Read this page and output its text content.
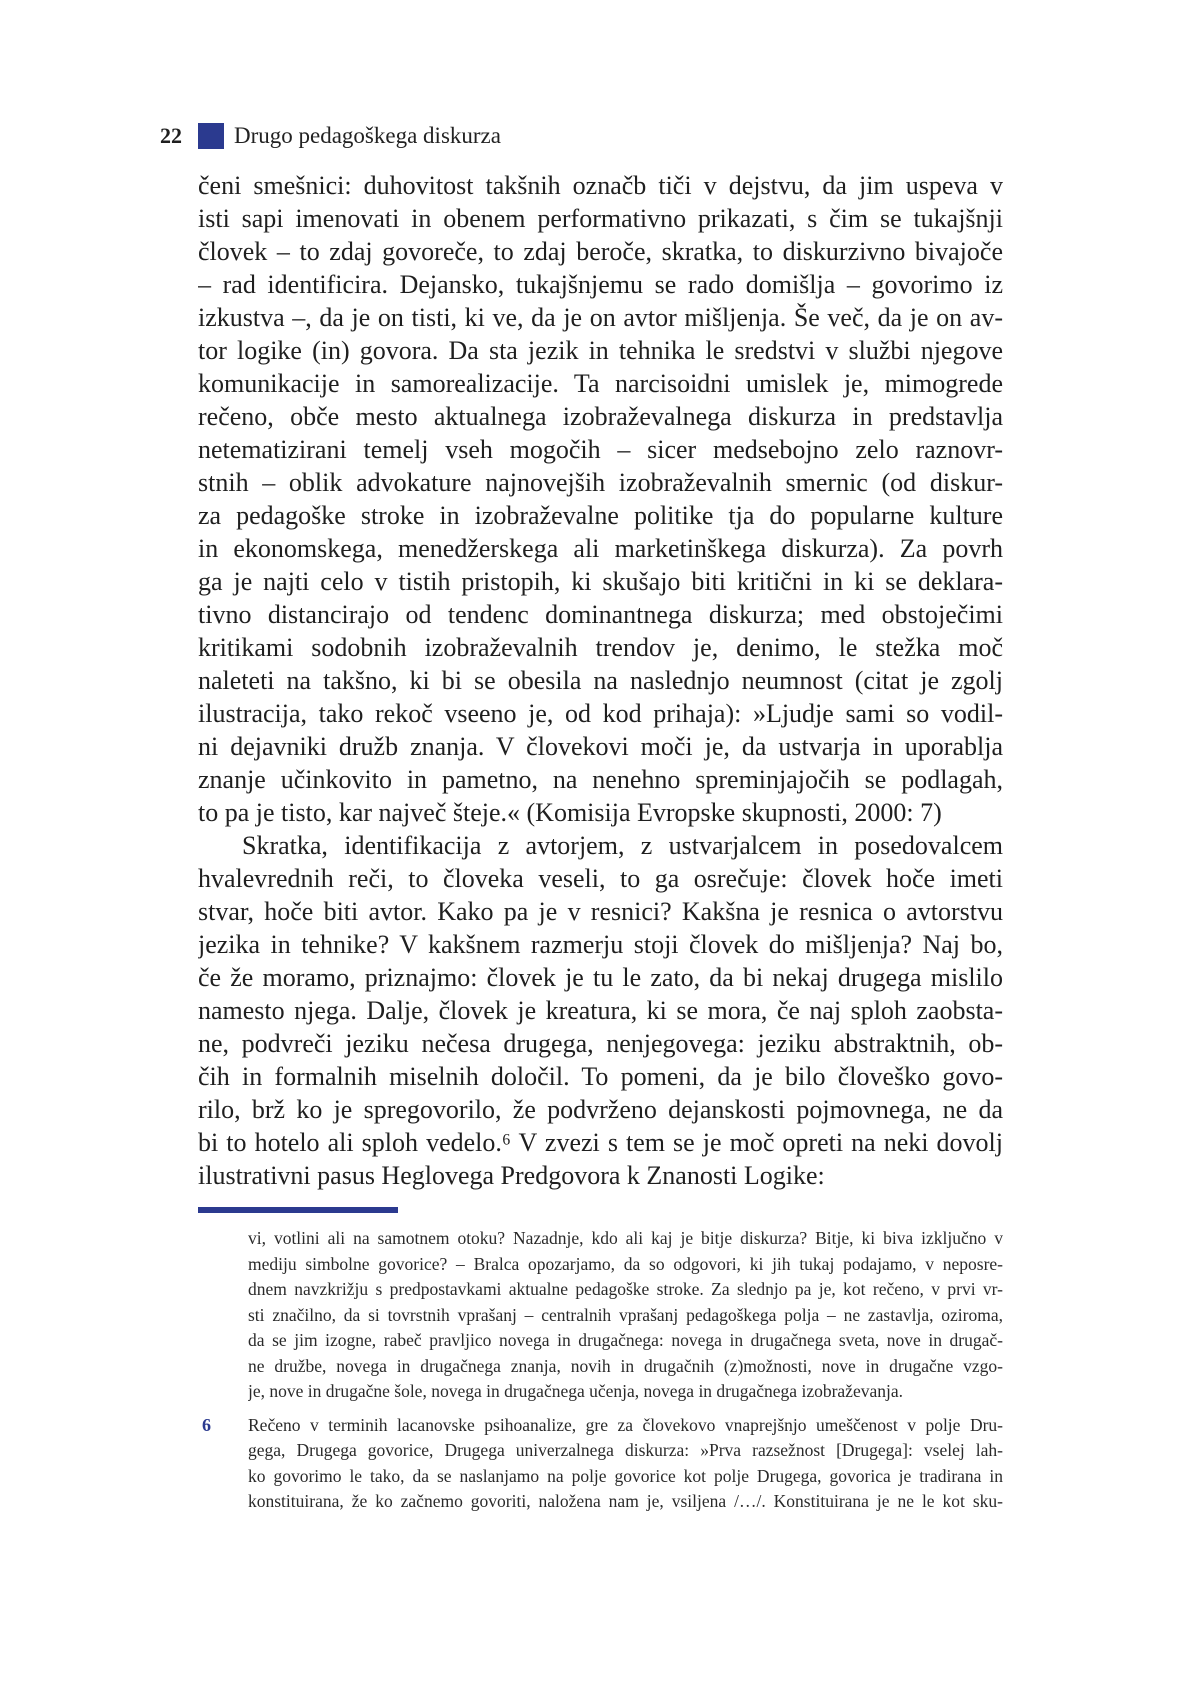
22	Drugo pedagoškega diskurza
čeni smešnici: duhovitost takšnih označb tiči v dejstvu, da jim uspeva v
isti sapi imenovati in obenem performativno prikazati, s čim se tukajšnji
človek – to zdaj govoreče, to zdaj beroče, skratka, to diskurzivno bivajoče
– rad identificira. Dejansko, tukajšnjemu se rado domišlja – govorimo iz
izkustva –, da je on tisti, ki ve, da je on avtor mišljenja. Še več, da je on av-
tor logike (in) govora. Da sta jezik in tehnika le sredstvi v službi njegove
komunikacije in samorealizacije. Ta narcisoidni umislek je, mimogrede
rečeno, obče mesto aktualnega izobraževalnega diskurza in predstavlja
netematizirani temelj vseh mogočih – sicer medsebojno zelo raznovr-
stnih – oblik advokature najnovejših izobraževalnih smernic (od diskur-
za pedagoške stroke in izobraževalne politike tja do popularne kulture
in ekonomskega, menedžerskega ali marketinškega diskurza). Za povrh
ga je najti celo v tistih pristopih, ki skušajo biti kritični in ki se deklara-
tivno distancirajo od tendenc dominantnega diskurza; med obstoječimi
kritikami sodobnih izobraževalnih trendov je, denimo, le stežka moč
naleteti na takšno, ki bi se obesila na naslednjo neumnost (citat je zgolj
ilustracija, tako rekoč vseeno je, od kod prihaja): »Ljudje sami so vodil-
ni dejavniki družb znanja. V človekovi moči je, da ustvarja in uporablja
znanje učinkovito in pametno, na nenehno spreminjajočih se podlagah,
to pa je tisto, kar največ šteje.« (Komisija Evropske skupnosti, 2000: 7)
Skratka, identifikacija z avtorjem, z ustvarjalcem in posedovalcem
hvalevrednih reči, to človeka veseli, to ga osrečuje: človek hoče imeti
stvar, hoče biti avtor. Kako pa je v resnici? Kakšna je resnica o avtorstvu
jezika in tehnike? V kakšnem razmerju stoji človek do mišljenja? Naj bo,
če že moramo, priznajmo: človek je tu le zato, da bi nekaj drugega mislilo
namesto njega. Dalje, človek je kreatura, ki se mora, če naj sploh zaobsta-
ne, podvreči jeziku nečesa drugega, nenjegovega: jeziku abstraktnih, ob-
čih in formalnih miselnih določil. To pomeni, da je bilo človeško govo-
rilo, brž ko je spregovorilo, že podvrženo dejanskosti pojmovnega, ne da
bi to hotelo ali sploh vedelo.⁶ V zvezi s tem se je moč opreti na neki dovolj
ilustrativni pasus Heglovega Predgovora k Znanosti Logike:
vi, votlini ali na samotnem otoku? Nazadnje, kdo ali kaj je bitje diskurza? Bitje, ki biva izključno v
mediju simbolne govorice? – Bralca opozarjamo, da so odgovori, ki jih tukaj podajamo, v neposre-
dnem navzkrižju s predpostavkami aktualne pedagoške stroke. Za slednjo pa je, kot rečeno, v prvi vr-
sti značilno, da si tovrstnih vprašanj – centralnih vprašanj pedagoškega polja – ne zastavlja, oziroma,
da se jim izogne, rabeč pravljico novega in drugačnega: novega in drugačnega sveta, nove in drugač-
ne družbe, novega in drugačnega znanja, novih in drugačnih (z)možnosti, nove in drugačne vzgo-
je, nove in drugačne šole, novega in drugačnega učenja, novega in drugačnega izobraževanja.
6 Rečeno v terminih lacanovske psihoanalize, gre za človekovo vnaprejšnjo umeščenost v polje Dru-
gega, Drugega govorice, Drugega univerzalnega diskurza: »Prva razsežnost [Drugega]: vselej lah-
ko govorimo le tako, da se naslanjamo na polje govorice kot polje Drugega, govorica je tradirana in
konstituirana, že ko začnemo govoriti, naložena nam je, vsiljena /…/. Konstituirana je ne le kot sku-
